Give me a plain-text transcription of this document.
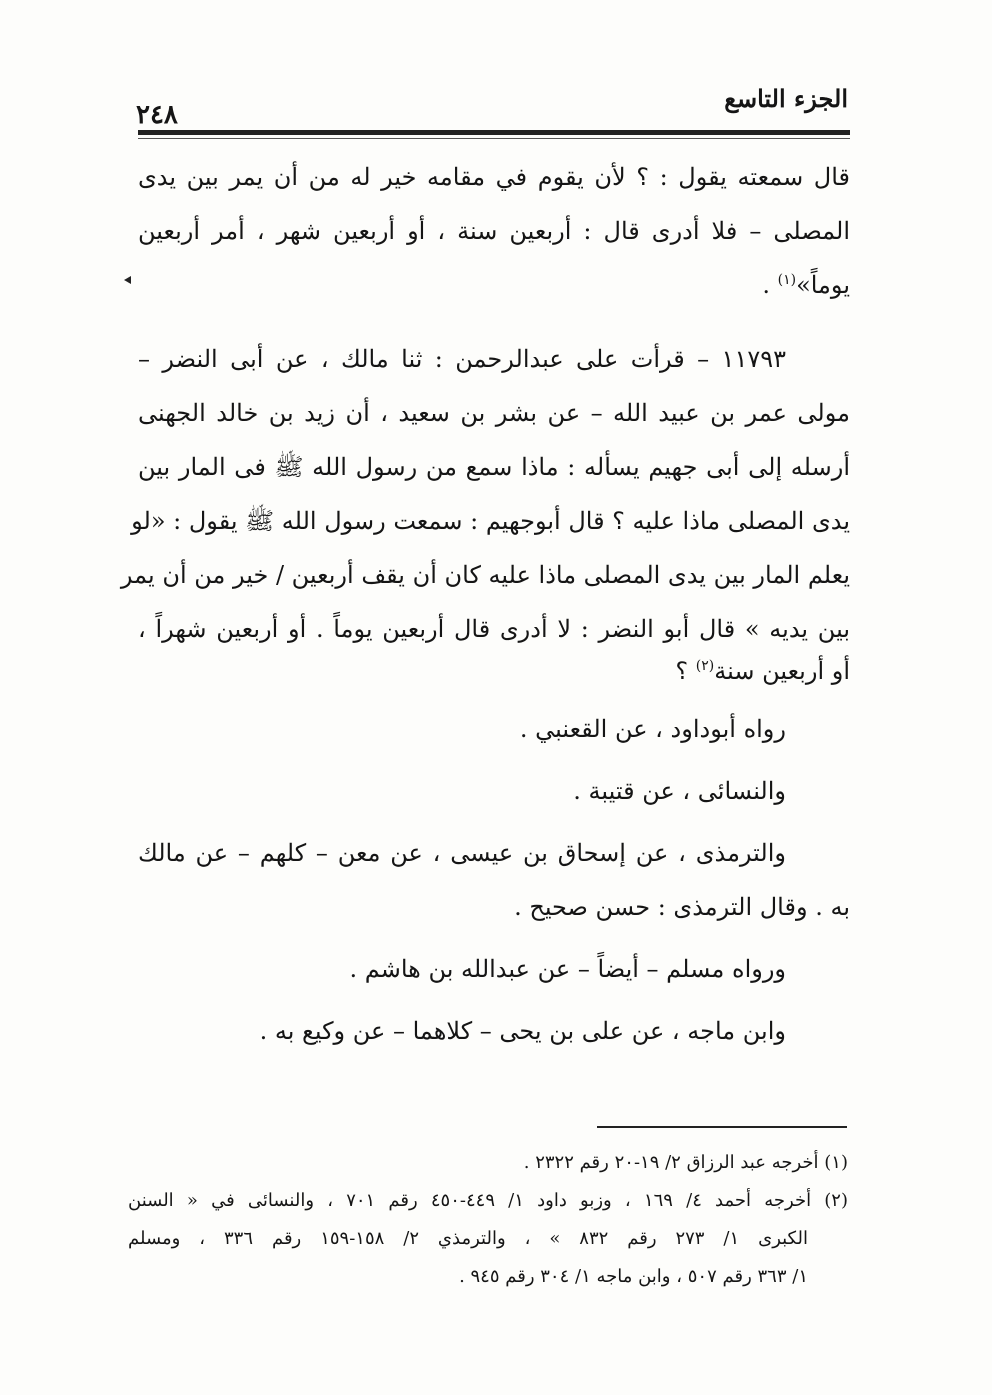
الجزء التاسع
٢٤٨
قال سمعته يقول : ؟ لأن يقوم في مقامه خير له من أن يمر بين يدى
المصلى – فلا أدرى قال : أربعين سنة ، أو أربعين شهر ، أمر أربعين
يوماً»$^{(١)}$ .
١١٧٩٣ – قرأت على عبدالرحمن : ثنا مالك ، عن أبى النضر –
مولى عمر بن عبيد الله – عن بشر بن سعيد ، أن زيد بن خالد الجهنى
أرسله إلى أبى جهيم يسأله : ماذا سمع من رسول الله ﷺ فى المار بين
يدى المصلى ماذا عليه ؟ قال أبوجهيم : سمعت رسول الله ﷺ يقول : «لو
يعلم المار بين يدى المصلى ماذا عليه كان أن يقف أربعين / خير من أن يمر
بين يديه » قال أبو النضر : لا أدرى قال أربعين يوماً . أو أربعين شهراً ،
أو أربعين سنة$^{(٢)}$ ؟
رواه أبوداود ، عن القعنبي .
والنسائى ، عن قتيبة .
والترمذى ، عن إسحاق بن عيسى ، عن معن – كلهم – عن مالك
به . وقال الترمذى : حسن صحيح .
ورواه مسلم – أيضاً – عن عبدالله بن هاشم .
وابن ماجه ، عن على بن يحى – كلاهما – عن وكيع به .
(١) أخرجه عبد الرزاق ٢/ ١٩-٢٠ رقم ٢٣٢٢ .
(٢) أخرجه أحمد ٤/ ١٦٩ ، وزبو داود ١/ ٤٤٩-٤٥٠ رقم ٧٠١ ، والنسائى في « السنن
الكبرى ١/ ٢٧٣ رقم ٨٣٢ » ، والترمذي ٢/ ١٥٨-١٥٩ رقم ٣٣٦ ، ومسلم
١/ ٣٦٣ رقم ٥٠٧ ، وابن ماجه ١/ ٣٠٤ رقم ٩٤٥ .
